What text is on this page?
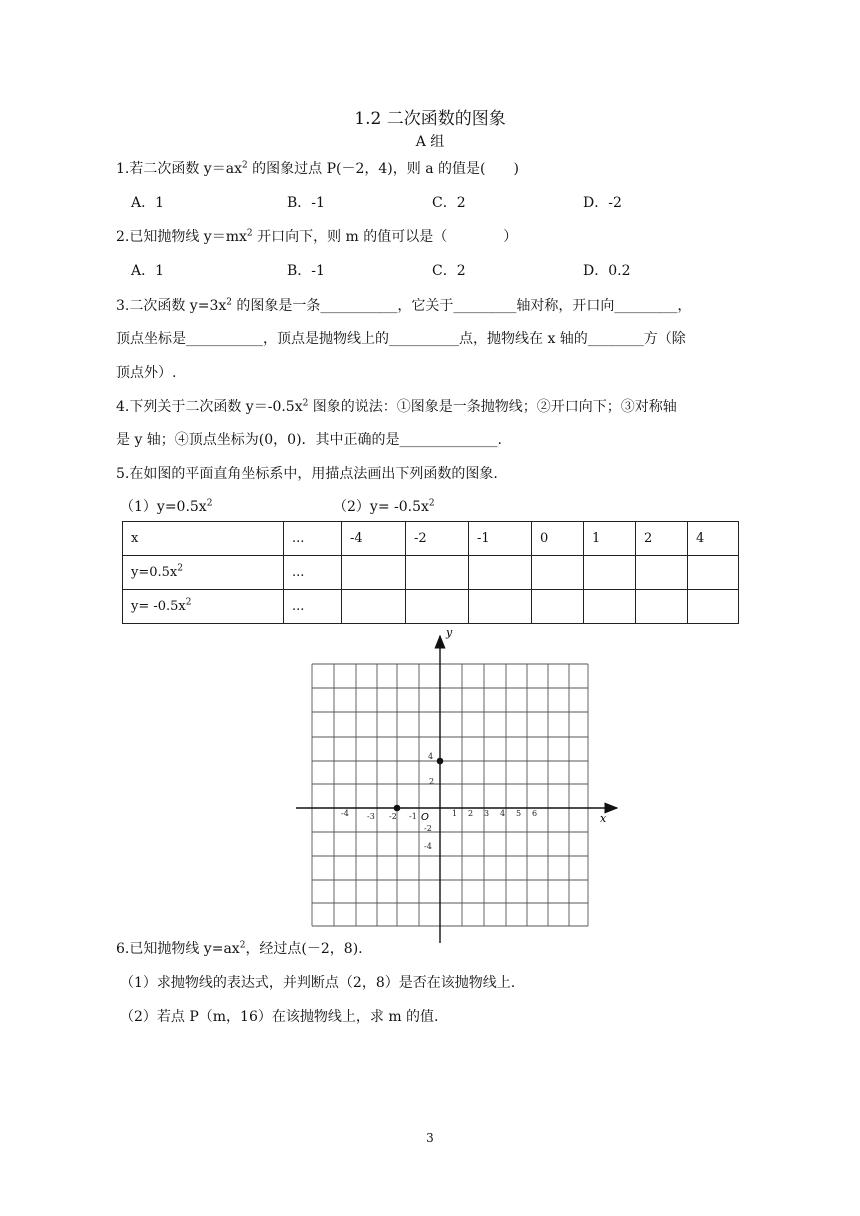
1.2 二次函数的图象
A 组
1.若二次函数 $y=ax^2$ 的图象过点 P(－2，4)，则 a 的值是(　　)
A．1	B．-1	C．2	D．-2
2.已知抛物线 $y=mx^2$ 开口向下，则 m 的值可以是（　　　　）
A．1	B．-1	C．2	D．0.2
3.二次函数 $y=3x^2$ 的图象是一条___________，它关于_________轴对称，开口向_________，
顶点坐标是___________，顶点是抛物线上的__________点，抛物线在 x 轴的________方（除
顶点外）.
4.下列关于二次函数 $y=-0.5x^2$ 图象的说法：①图象是一条抛物线；②开口向下；③对称轴
是 y 轴；④顶点坐标为(0，0)．其中正确的是______________.
5.在如图的平面直角坐标系中，用描点法画出下列函数的图象.
$(1)y=0.5x^2$	$(2)y= -0.5x^2$
x	...	-4	-2	-1	0	1	2	4
$y=0.5x^2$	...							
$y= -0.5x^2$	...							
y
x
O
-4 -3 -2 -1	1 2 3 4 5 6
4
2
-2
-4
6.已知抛物线 $y=ax^2$，经过点(－2，8).
（1）求抛物线的表达式，并判断点（2，8）是否在该抛物线上.
（2）若点 P（m，16）在该抛物线上，求 m 的值.
3
